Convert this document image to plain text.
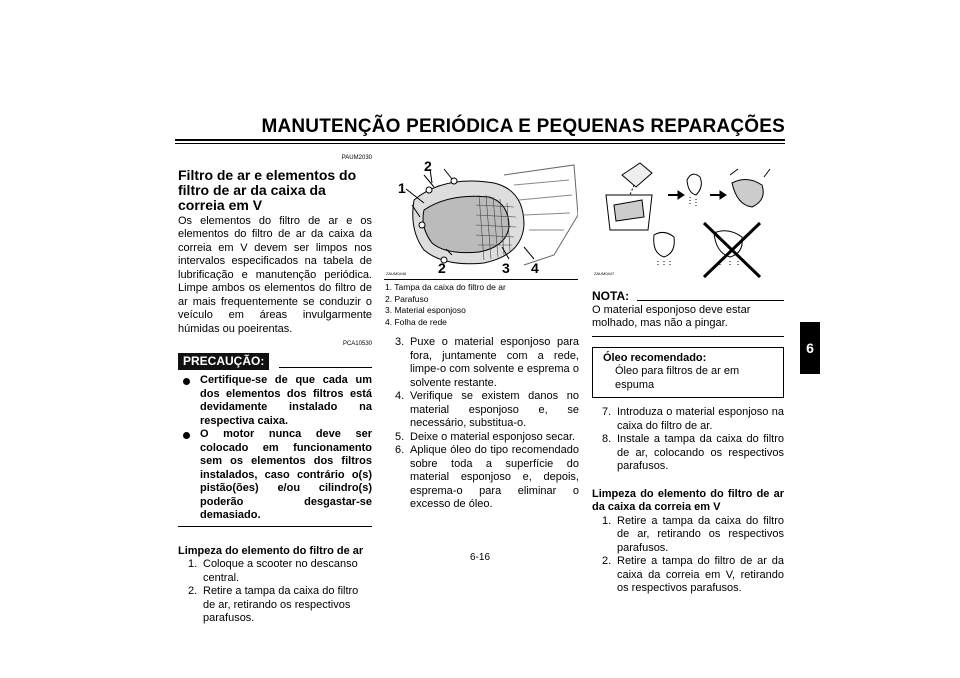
MANUTENÇÃO PERIÓDICA E PEQUENAS REPARAÇÕES
6
PAUM2030
Filtro de ar e elementos do filtro de ar da caixa da correia em V
Os elementos do filtro de ar e os elementos do filtro de ar da caixa da correia em V devem ser limpos nos intervalos especificados na tabela de lubrificação e manutenção periódica. Limpe ambos os elementos do filtro de ar mais frequentemente se conduzir o veículo em áreas invulgarmente húmidas ou poeirentas.
PCA10530
PRECAUÇÃO:
Certifique-se de que cada um dos elementos dos filtros está devidamente instalado na respectiva caixa.
O motor nunca deve ser colocado em funcionamento sem os elementos dos filtros instalados, caso contrário o(s) pistão(ões) e/ou cilindro(s) poderão desgastar-se demasiado.
Limpeza do elemento do filtro de ar
1. Coloque a scooter no descanso central.
2. Retire a tampa da caixa do filtro de ar, retirando os respectivos parafusos.
1
2
2	3 4
ZAUM0446
1. Tampa da caixa do filtro de ar
2. Parafuso
3. Material esponjoso
4. Folha de rede
3. Puxe o material esponjoso para fora, juntamente com a rede, limpe-o com solvente e esprema o solvente restante.
4. Verifique se existem danos no material esponjoso e, se necessário, substitua-o.
5. Deixe o material esponjoso secar.
6. Aplique óleo do tipo recomendado sobre toda a superfície do material esponjoso e, depois, esprema-o para eliminar o excesso de óleo.
ZAUM0447
NOTA:
O material esponjoso deve estar molhado, mas não a pingar.
Óleo recomendado:
Óleo para filtros de ar em espuma
7. Introduza o material esponjoso na caixa do filtro de ar.
8. Instale a tampa da caixa do filtro de ar, colocando os respectivos parafusos.
Limpeza do elemento do filtro de ar da caixa da correia em V
1. Retire a tampa da caixa do filtro de ar, retirando os respectivos parafusos.
2. Retire a tampa do filtro de ar da caixa da correia em V, retirando os respectivos parafusos.
6-16
